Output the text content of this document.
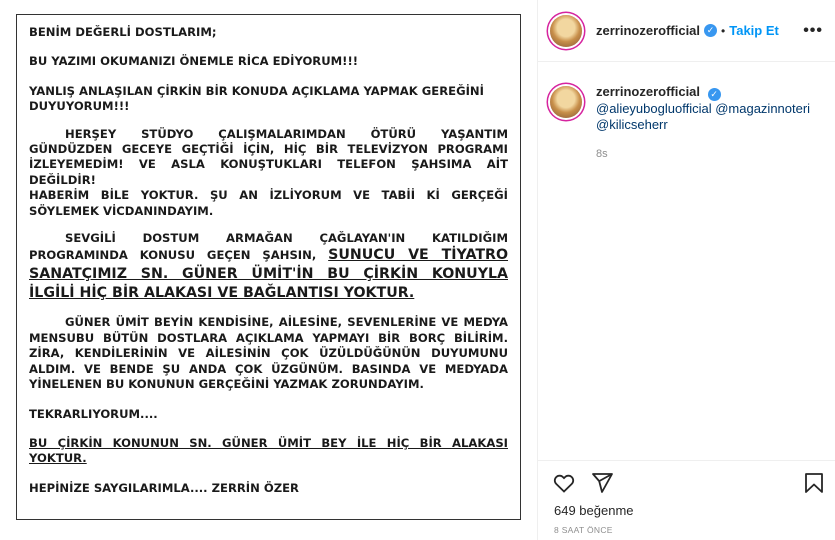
BENİM DEĞERLİ DOSTLARIM;

BU YAZIMI OKUMANIZI ÖNEMLE RİCA EDİYORUM!!!

YANLIŞ ANLAŞILAN ÇİRKİN BİR KONUDA AÇIKLAMA YAPMAK GEREĞİNİ

DUYUYORUM!!!

HERŞEY STÜDYO ÇALIŞMALARIMDAN ÖTÜRÜ YAŞANTIM

GÜNDÜZDEN GECEYE GEÇTİĞİ İÇİN, HİÇ BİR TELEVİZYON PROGRAMI

İZLEYEMEDİM! VE ASLA KONUŞTUKLARI TELEFON ŞAHSIMA AİT DEĞİLDİR!

HABERİM BİLE YOKTUR. ŞU AN İZLİYORUM VE TABİİ Kİ GERÇEĞİ

SÖYLEMEK VİCDANINDAYIM.

SEVGİLİ DOSTUM ARMAĞAN ÇAĞLAYAN'IN KATILDIĞIM

PROGRAMINDA KONUSU GEÇEN ŞAHSIN, SUNUCU VE TİYATRO

SANATÇIMIZ SN. GÜNER ÜMİT'İN BU ÇİRKİN KONUYLA

İLGİLİ HİÇ BİR ALAKASI VE BAĞLANTISI YOKTUR.

GÜNER ÜMİT BEYİN KENDİSİNE, AİLESİNE, SEVENLERİNE VE MEDYA

MENSUBU BÜTÜN DOSTLARA AÇIKLAMA YAPMAYI BİR BORÇ BİLİRİM.

ZİRA, KENDİLERİNİN VE AİLESİNİN ÇOK ÜZÜLDÜĞÜNÜN DUYUMUNU

ALDIM. VE BENDE ŞU ANDA ÇOK ÜZGÜNÜM. BASINDA VE MEDYADA

YİNELENEN BU KONUNUN GERÇEĞİNİ YAZMAK ZORUNDAYIM.

TEKRARLIYORUM....

BU ÇİRKİN KONUNUN SN. GÜNER ÜMİT BEY İLE HİÇ BİR ALAKASI

YOKTUR.

HEPİNİZE SAYGILARIMLA.... ZERRİN ÖZER

zerrinozerofficial ✓ • Takip Et •••
zerrinozerofficial ✓
@alieyubogluofficial @magazinnoteri
@kilicseherr
8s
649 beğenme
8 SAAT ÖNCE
